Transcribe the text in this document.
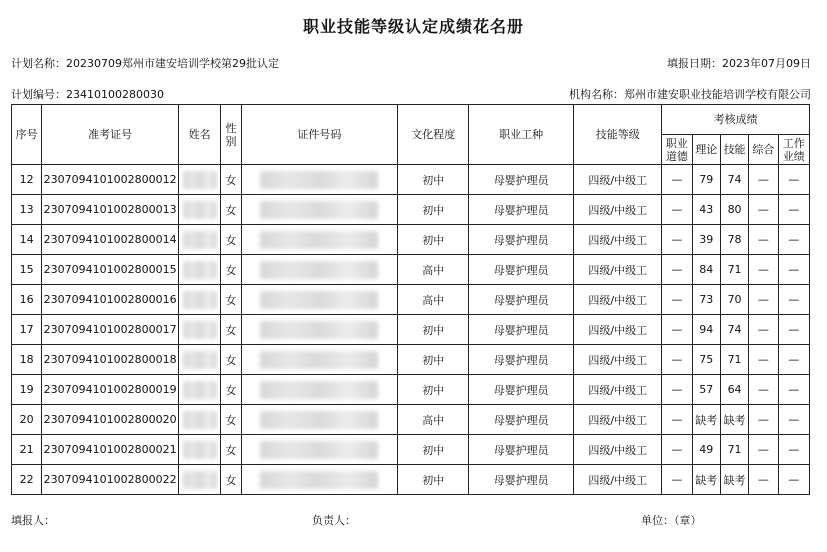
职业技能等级认定成绩花名册
计划名称：20230709郑州市建安培训学校第29批认定	填报日期：2023年07月09日
计划编号：23410100280030	机构名称：郑州市建安职业技能培训学校有限公司
序号	准考证号	姓名	性别	证件号码	文化程度	职业工种	技能等级	考核成绩				
								职业道德	理论	技能	综合	工作业绩
12	2307094101002800012		女		初中	母婴护理员	四级/中级工	—	79	74	—	—
13	2307094101002800013		女		初中	母婴护理员	四级/中级工	—	43	80	—	—
14	2307094101002800014		女		初中	母婴护理员	四级/中级工	—	39	78	—	—
15	2307094101002800015		女		高中	母婴护理员	四级/中级工	—	84	71	—	—
16	2307094101002800016		女		高中	母婴护理员	四级/中级工	—	73	70	—	—
17	2307094101002800017		女		初中	母婴护理员	四级/中级工	—	94	74	—	—
18	2307094101002800018		女		初中	母婴护理员	四级/中级工	—	75	71	—	—
19	2307094101002800019		女		初中	母婴护理员	四级/中级工	—	57	64	—	—
20	2307094101002800020		女		高中	母婴护理员	四级/中级工	—	缺考	缺考	—	—
21	2307094101002800021		女		初中	母婴护理员	四级/中级工	—	49	71	—	—
22	2307094101002800022		女		初中	母婴护理员	四级/中级工	—	缺考	缺考	—	—
填报人：	负责人：	单位：（章）
